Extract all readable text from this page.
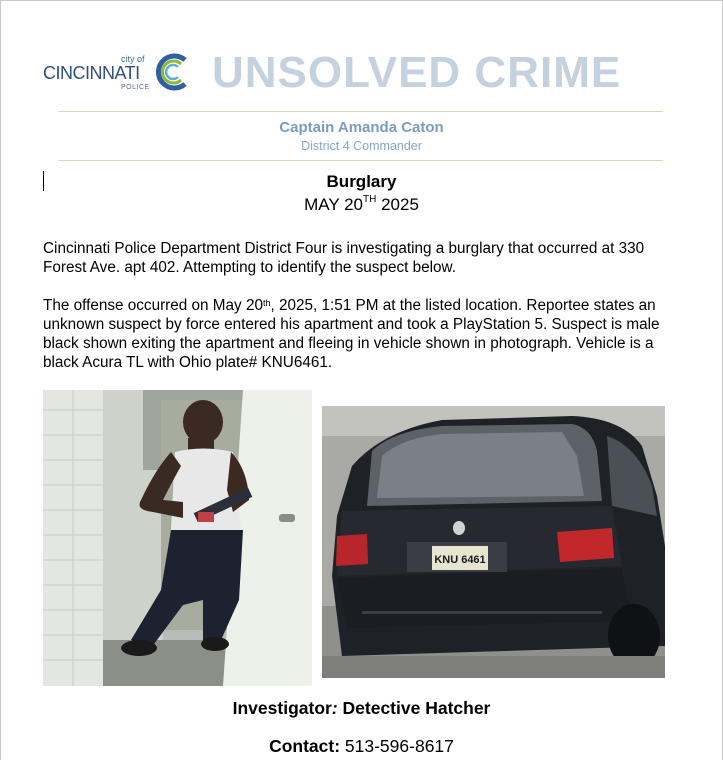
city of
CINCINNATI
POLICE UNSOLVED CRIME
Captain Amanda Caton
District 4 Commander
Burglary
MAY 20TH 2025
Cincinnati Police Department District Four is investigating a burglary that occurred at 330 Forest Ave. apt 402. Attempting to identify the suspect below.
The offense occurred on May 20th, 2025, 1:51 PM at the listed location. Reportee states an unknown suspect by force entered his apartment and took a PlayStation 5. Suspect is male black shown exiting the apartment and fleeing in vehicle shown in photograph. Vehicle is a black Acura TL with Ohio plate# KNU6461.
KNU 6461
Investigator: Detective Hatcher
Contact: 513-596-8617
